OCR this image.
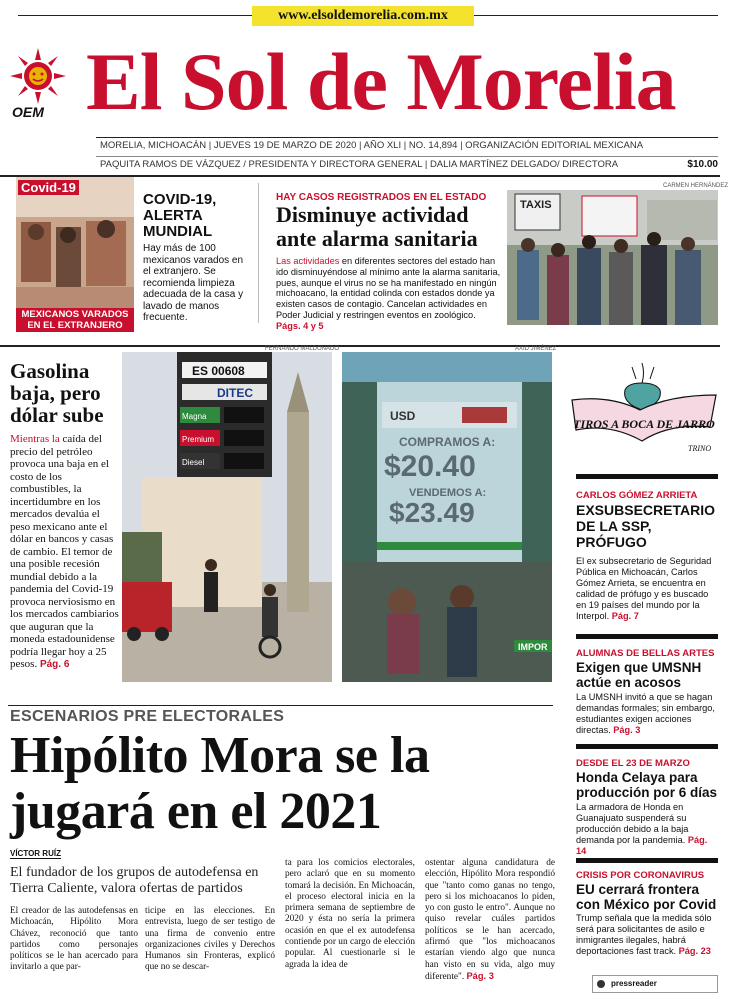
www.elsoldemorelia.com.mx
OEM El Sol de Morelia
MORELIA, MICHOACÁN | JUEVES 19 DE MARZO DE 2020 | AÑO XLI | NO. 14,894 | ORGANIZACIÓN EDITORIAL MEXICANA
PAQUITA RAMOS DE VÁZQUEZ / PRESIDENTA Y DIRECTORA GENERAL | DALIA MARTÍNEZ DELGADO/ DIRECTORA	$10.00
Covid-19
MEXICANOS VARADOS EN EL EXTRANJERO
COVID-19, ALERTA MUNDIAL
Hay más de 100 mexicanos varados en el extranjero. Se recomienda limpieza adecuada de la casa y lavado de manos frecuente.
HAY CASOS REGISTRADOS EN EL ESTADO
Disminuye actividad ante alarma sanitaria
Las actividades en diferentes sectores del estado han ido disminuyéndose al mínimo ante la alarma sanitaria, pues, aunque el virus no se ha manifestado en ningún michoacano, la entidad colinda con estados donde ya existen casos de contagio. Cancelan actividades en Poder Judicial y restringen eventos en zoológico. Págs. 4 y 5
CARMEN HERNÁNDEZ
TAXIS
Gasolina baja, pero dólar sube
Mientras la caída del precio del petróleo provoca una baja en el costo de los combustibles, la incertidumbre en los mercados devalúa el peso mexicano ante el dólar en bancos y casas de cambio. El temor de una posible recesión mundial debido a la pandemia del Covid-19 provoca nerviosismo en los mercados cambiarios que auguran que la moneda estadounidense podría llegar hoy a 25 pesos. Pág. 6
FERNANDO MALDONADO	AXID JIMÉNEZ
ES 00608
DITEC
Magna
Premium
Diesel
USD
COMPRAMOS A:
$20.40
VENDEMOS A:
$23.49
IMPOR
TIROS A BOCA DE JARRO
TRINO
CARLOS GÓMEZ ARRIETA
EXSUBSECRETARIO DE LA SSP, PRÓFUGO
El ex subsecretario de Seguridad Pública en Michoacán, Carlos Gómez Arrieta, se encuentra en calidad de prófugo y es buscado en 19 países del mundo por la Interpol. Pág. 7
ALUMNAS DE BELLAS ARTES
Exigen que UMSNH actúe en acosos
La UMSNH invitó a que se hagan demandas formales; sin embargo, estudiantes exigen acciones directas. Pág. 3
DESDE EL 23 DE MARZO
Honda Celaya para producción por 6 días
La armadora de Honda en Guanajuato suspenderá su producción debido a la baja demanda por la pandemia. Pág. 14
CRISIS POR CORONAVIRUS
EU cerrará frontera con México por Covid
Trump señala que la medida sólo será para solicitantes de asilo e inmigrantes ilegales, habrá deportaciones fast track. Pág. 23
ESCENARIOS PRE ELECTORALES
Hipólito Mora se la jugará en el 2021
VÍCTOR RUÍZ
El fundador de los grupos de autodefensa en Tierra Caliente, valora ofertas de partidos
El creador de las autodefensas en Michoacán, Hipólito Mora Chávez, reconoció que tanto partidos como personajes políticos se le han acercado para invitarlo a que par-
ticipe en las elecciones. En entrevista, luego de ser testigo de una firma de convenio entre organizaciones civiles y Derechos Humanos sin Fronteras, explicó que no se descar-
ta para los comicios electorales, pero aclaró que en su momento tomará la decisión. En Michoacán, el proceso electoral inicia en la primera semana de septiembre de 2020 y ésta no sería la primera ocasión en que el ex autodefensa contiende por un cargo de elección popular. Al cuestionarle si le agrada la idea de
ostentar alguna candidatura de elección, Hipólito Mora respondió que "tanto como ganas no tengo, pero si los michoacanos lo piden, yo con gusto le entro". Aunque no quiso revelar cuáles partidos políticos se le han acercado, afirmó que "los michoacanos estarían viendo algo que nunca han visto en su vida, algo muy diferente". Pág. 3
pressreader
